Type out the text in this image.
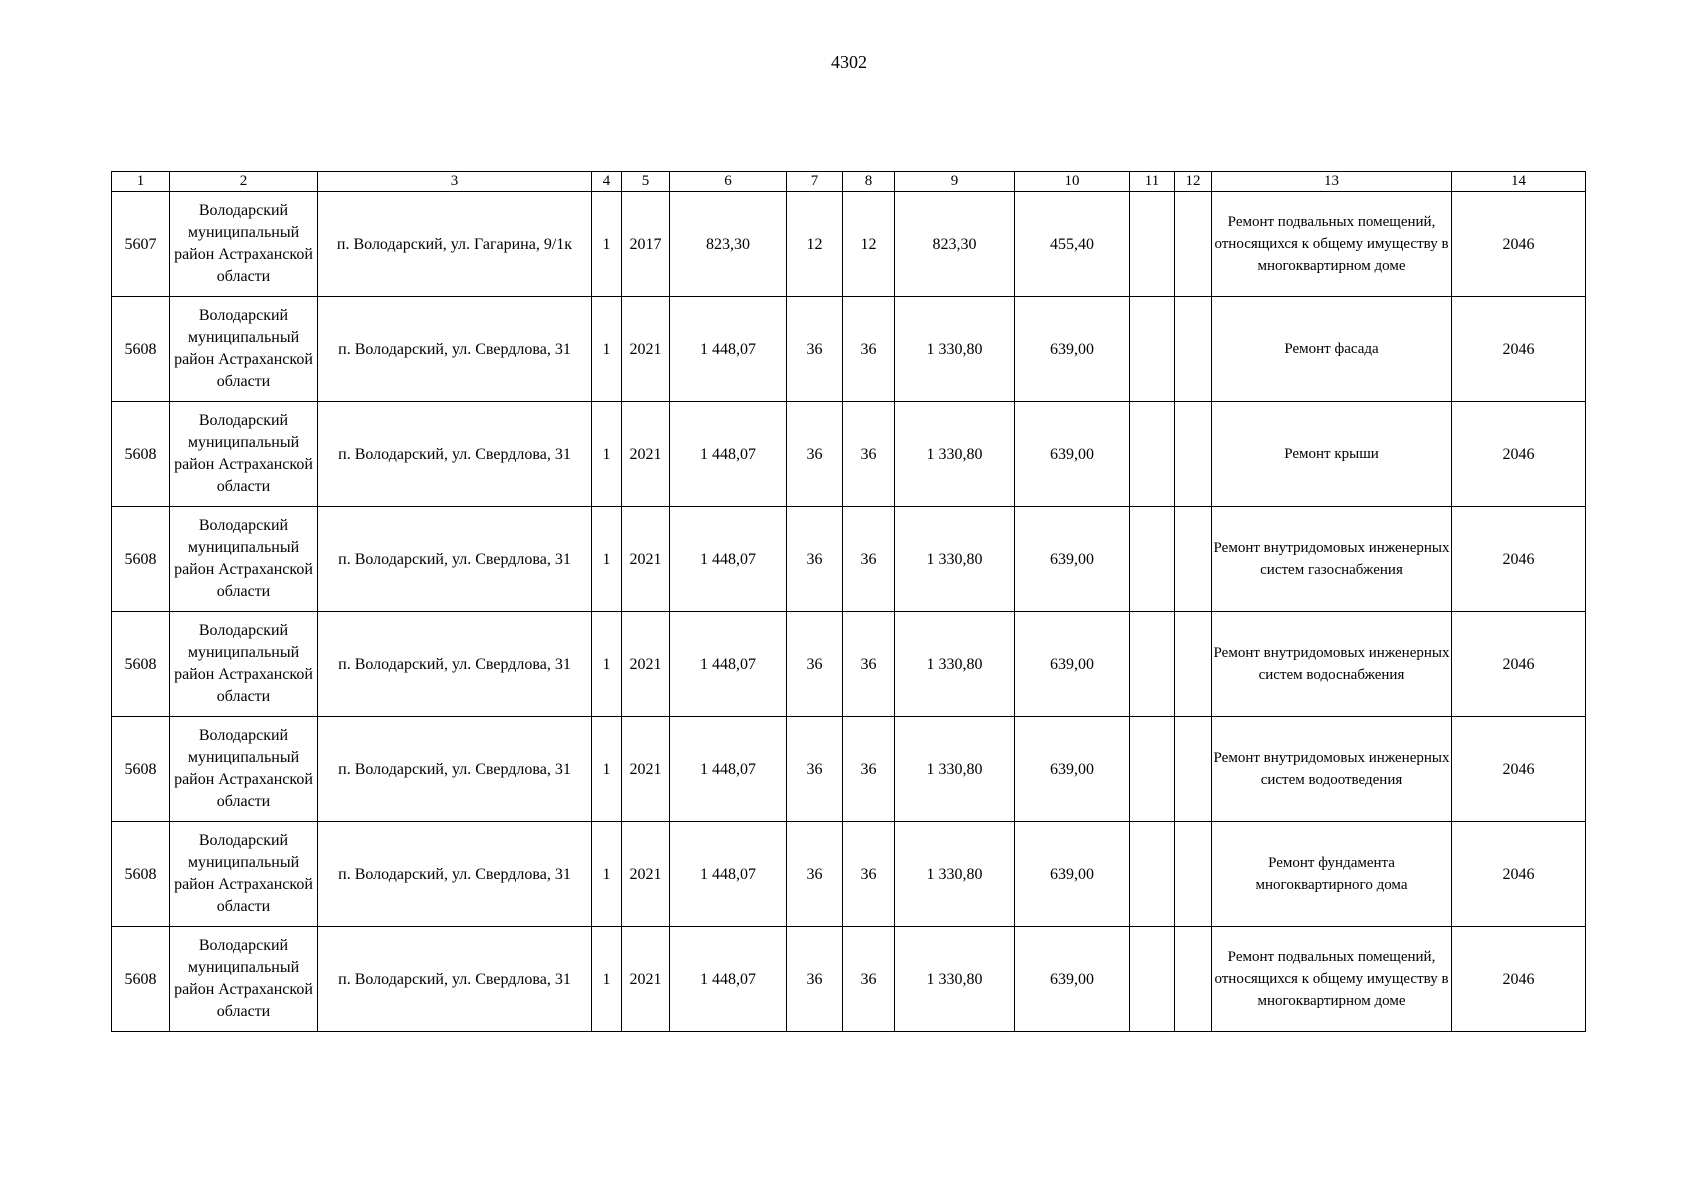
4302
1	2	3	4	5	6	7	8	9	10	11	12	13	14
5607	Володарский муниципальный район Астраханской области	п. Володарский, ул. Гагарина, 9/1к	1	2017	823,30	12	12	823,30	455,40			Ремонт подвальных помещений, относящихся к общему имуществу в многоквартирном доме	2046
5608	Володарский муниципальный район Астраханской области	п. Володарский, ул. Свердлова, 31	1	2021	1 448,07	36	36	1 330,80	639,00			Ремонт фасада	2046
5608	Володарский муниципальный район Астраханской области	п. Володарский, ул. Свердлова, 31	1	2021	1 448,07	36	36	1 330,80	639,00			Ремонт крыши	2046
5608	Володарский муниципальный район Астраханской области	п. Володарский, ул. Свердлова, 31	1	2021	1 448,07	36	36	1 330,80	639,00			Ремонт внутридомовых инженерных систем газоснабжения	2046
5608	Володарский муниципальный район Астраханской области	п. Володарский, ул. Свердлова, 31	1	2021	1 448,07	36	36	1 330,80	639,00			Ремонт внутридомовых инженерных систем водоснабжения	2046
5608	Володарский муниципальный район Астраханской области	п. Володарский, ул. Свердлова, 31	1	2021	1 448,07	36	36	1 330,80	639,00			Ремонт внутридомовых инженерных систем водоотведения	2046
5608	Володарский муниципальный район Астраханской области	п. Володарский, ул. Свердлова, 31	1	2021	1 448,07	36	36	1 330,80	639,00			Ремонт фундамента многоквартирного дома	2046
5608	Володарский муниципальный район Астраханской области	п. Володарский, ул. Свердлова, 31	1	2021	1 448,07	36	36	1 330,80	639,00			Ремонт подвальных помещений, относящихся к общему имуществу в многоквартирном доме	2046
